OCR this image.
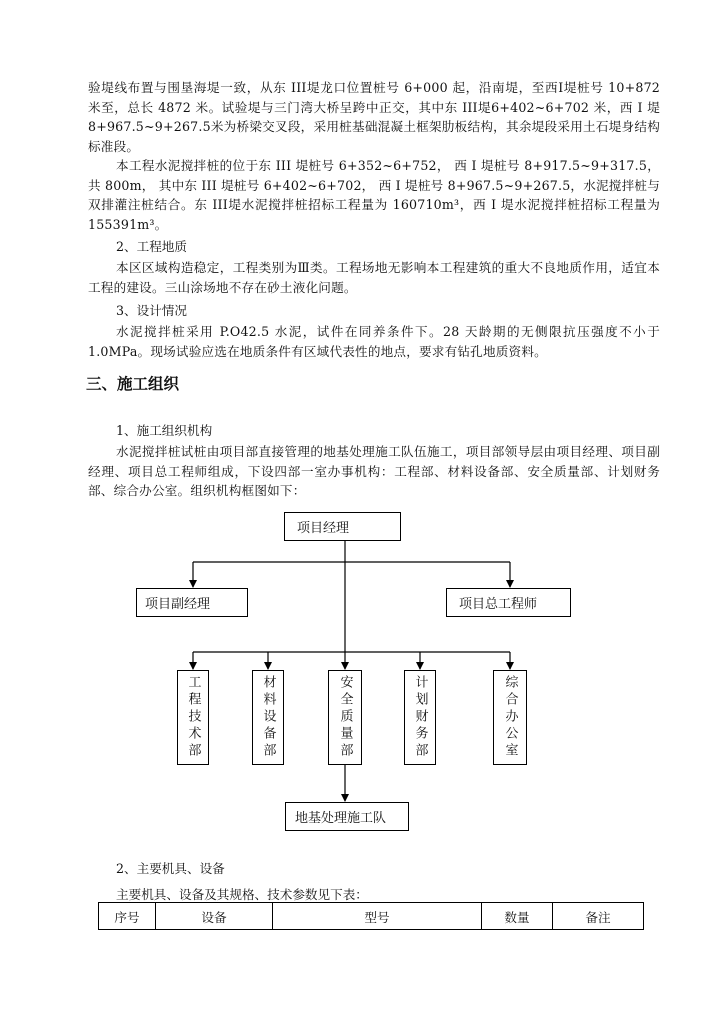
验堤线布置与围垦海堤一致，从东 III堤龙口位置桩号 6+000 起，沿南堤，至西Ⅰ堤桩号 10+872 米至，总长 4872 米。试验堤与三门湾大桥呈跨中正交，其中东 III堤6+402~6+702 米，西 I 堤 8+967.5~9+267.5米为桥梁交叉段，采用桩基础混凝土框架肋板结构，其余堤段采用土石堤身结构标准段。

本工程水泥搅拌桩的位于东 III 堤桩号 6+352~6+752， 西 I 堤桩号 8+917.5~9+317.5， 共 800m， 其中东 III 堤桩号 6+402~6+702， 西 I 堤桩号 8+967.5~9+267.5，水泥搅拌桩与双排灌注桩结合。东 III堤水泥搅拌桩招标工程量为 160710m³，西 I 堤水泥搅拌桩招标工程量为 155391m³。

2、工程地质

本区区域构造稳定，工程类别为Ⅲ类。工程场地无影响本工程建筑的重大不良地质作用，适宜本工程的建设。三山涂场地不存在砂土液化问题。

3、设计情况

水泥搅拌桩采用 P.O42.5 水泥，试件在同养条件下。28 天龄期的无侧限抗压强度不小于 1.0MPa。现场试验应选在地质条件有区域代表性的地点，要求有钻孔地质资料。

三、施工组织

1、施工组织机构

水泥搅拌桩试桩由项目部直接管理的地基处理施工队伍施工，项目部领导层由项目经理、项目副经理、项目总工程师组成，下设四部一室办事机构：工程部、材料设备部、安全质量部、计划财务部、综合办公室。组织机构框图如下：

项目经理
项目副经理	项目总工程师
工程技术部	材料设备部	安全质量部	计划财务部	综合办公室
地基处理施工队

2、主要机具、设备

主要机具、设备及其规格、技术参数见下表：

序号	设备	型号	数量	备注
